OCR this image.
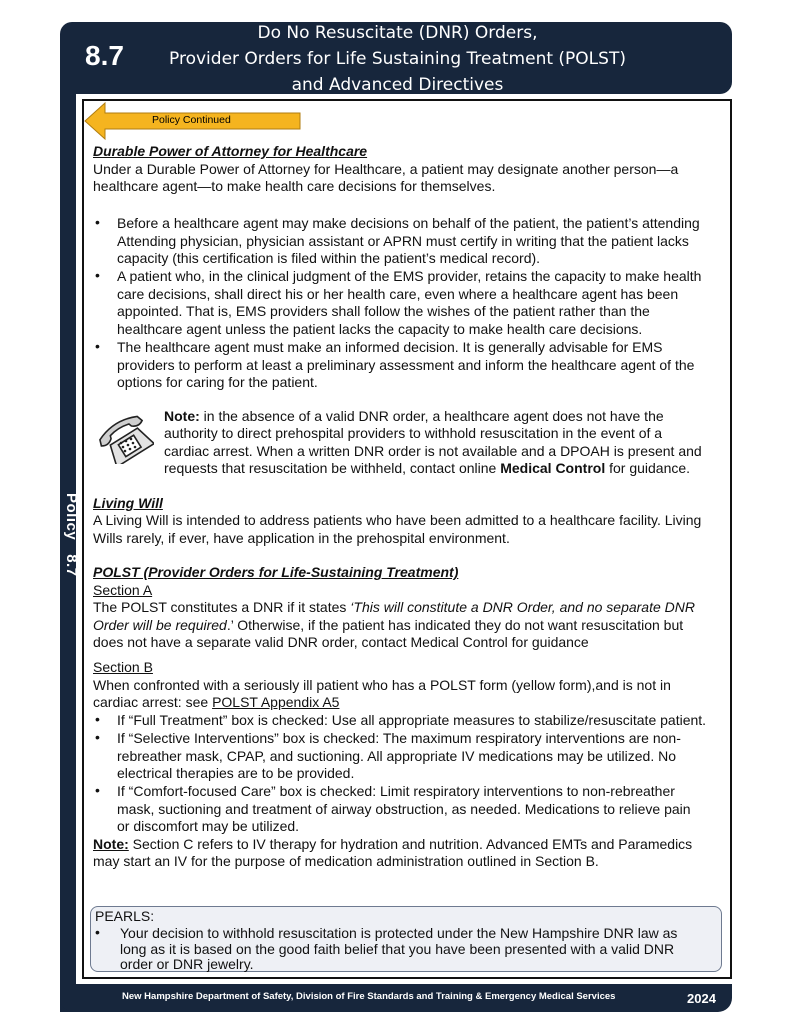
8.7
Do No Resuscitate (DNR) Orders,
Provider Orders for Life Sustaining Treatment (POLST)
and Advanced Directives
Policy   8.7
Policy Continued
Durable Power of Attorney for Healthcare
Under a Durable Power of Attorney for Healthcare, a patient may designate another person—a
healthcare agent—to make health care decisions for themselves.
• Before a healthcare agent may make decisions on behalf of the patient, the patient’s attending
Attending physician, physician assistant or APRN must certify in writing that the patient lacks
capacity (this certification is filed within the patient’s medical record).
• A patient who, in the clinical judgment of the EMS provider, retains the capacity to make health
care decisions, shall direct his or her health care, even where a healthcare agent has been
appointed. That is, EMS providers shall follow the wishes of the patient rather than the
healthcare agent unless the patient lacks the capacity to make health care decisions.
• The healthcare agent must make an informed decision. It is generally advisable for EMS
providers to perform at least a preliminary assessment and inform the healthcare agent of the
options for caring for the patient.
Note: in the absence of a valid DNR order, a healthcare agent does not have the
authority to direct prehospital providers to withhold resuscitation in the event of a
cardiac arrest. When a written DNR order is not available and a DPOAH is present and
requests that resuscitation be withheld, contact online Medical Control for guidance.
Living Will
A Living Will is intended to address patients who have been admitted to a healthcare facility. Living
Wills rarely, if ever, have application in the prehospital environment.
POLST (Provider Orders for Life-Sustaining Treatment)
Section A
The POLST constitutes a DNR if it states ‘This will constitute a DNR Order, and no separate DNR
Order will be required.’ Otherwise, if the patient has indicated they do not want resuscitation but
does not have a separate valid DNR order, contact Medical Control for guidance
Section B
When confronted with a seriously ill patient who has a POLST form (yellow form),and is not in
cardiac arrest: see POLST Appendix A5
• If “Full Treatment” box is checked: Use all appropriate measures to stabilize/resuscitate patient.
• If “Selective Interventions” box is checked: The maximum respiratory interventions are non-
rebreather mask, CPAP, and suctioning. All appropriate IV medications may be utilized. No
electrical therapies are to be provided.
• If “Comfort-focused Care” box is checked: Limit respiratory interventions to non-rebreather
mask, suctioning and treatment of airway obstruction, as needed. Medications to relieve pain
or discomfort may be utilized.
Note: Section C refers to IV therapy for hydration and nutrition. Advanced EMTs and Paramedics
may start an IV for the purpose of medication administration outlined in Section B.
PEARLS:
• Your decision to withhold resuscitation is protected under the New Hampshire DNR law as
long as it is based on the good faith belief that you have been presented with a valid DNR
order or DNR jewelry.
New Hampshire Department of Safety, Division of Fire Standards and Training & Emergency Medical Services	2024
